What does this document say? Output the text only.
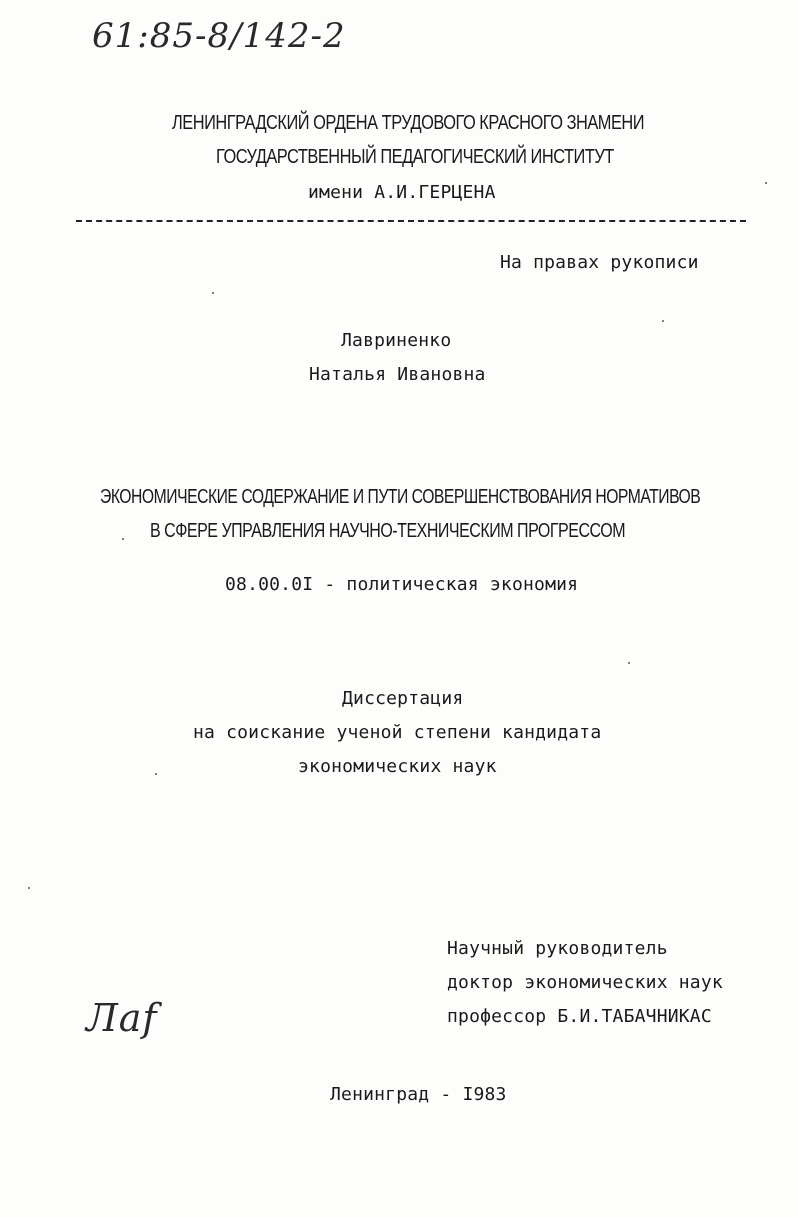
61:85-8/142-2
ЛЕНИНГРАДСКИЙ ОРДЕНА ТРУДОВОГО КРАСНОГО ЗНАМЕНИ
ГОСУДАРСТВЕННЫЙ ПЕДАГОГИЧЕСКИЙ ИНСТИТУТ
имени А.И.ГЕРЦЕНА
На правах рукописи
Лавриненко
Наталья Ивановна
ЭКОНОМИЧЕСКИЕ СОДЕРЖАНИЕ И ПУТИ СОВЕРШЕНСТВОВАНИЯ НОРМАТИВОВ
В СФЕРЕ УПРАВЛЕНИЯ НАУЧНО-ТЕХНИЧЕСКИМ ПРОГРЕССОМ
08.00.0I - политическая экономия
Диссертация
на соискание ученой степени кандидата
экономических наук
Научный руководитель
доктор экономических наук
профессор Б.И.ТАБАЧНИКАС
Лаf
Ленинград - I983
